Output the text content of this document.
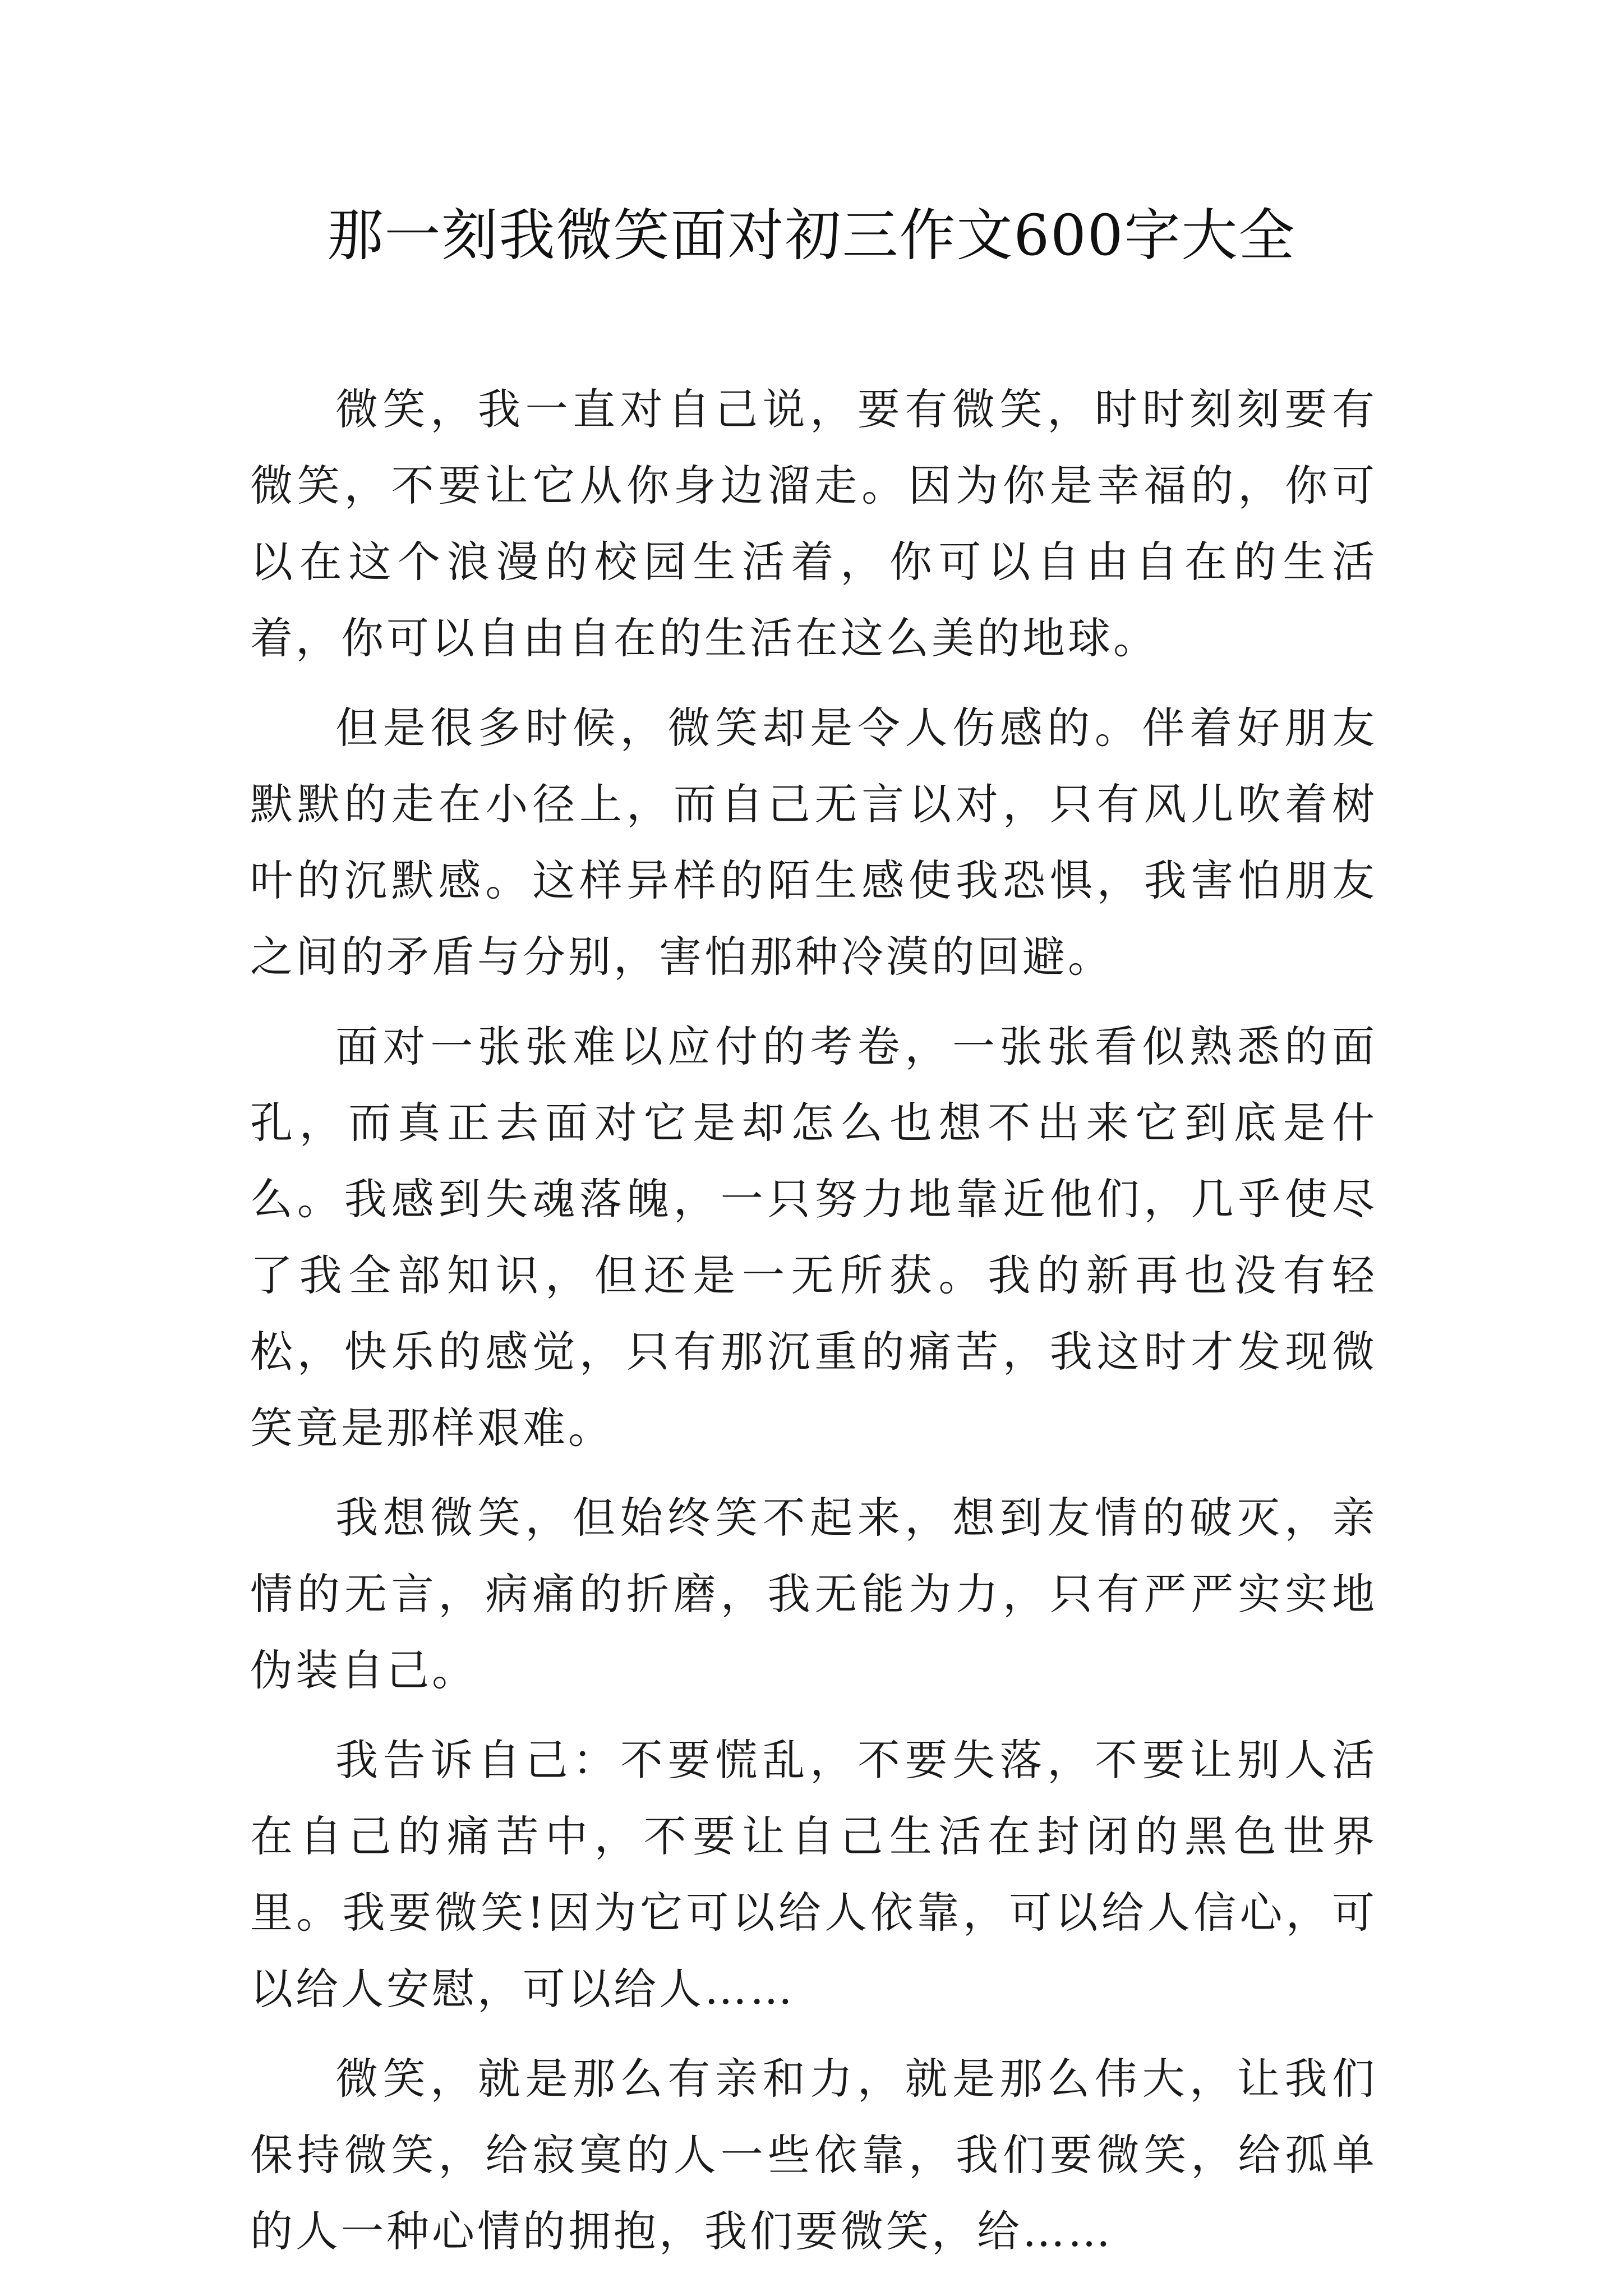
那一刻我微笑面对初三作文600字大全

微笑，我一直对自己说，要有微笑，时时刻刻要有微笑，不要让它从你身边溜走。因为你是幸福的，你可以在这个浪漫的校园生活着，你可以自由自在的生活着，你可以自由自在的生活在这么美的地球。

但是很多时候，微笑却是令人伤感的。伴着好朋友默默的走在小径上，而自己无言以对，只有风儿吹着树叶的沉默感。这样异样的陌生感使我恐惧，我害怕朋友之间的矛盾与分别，害怕那种冷漠的回避。

面对一张张难以应付的考卷，一张张看似熟悉的面孔，而真正去面对它是却怎么也想不出来它到底是什么。我感到失魂落魄，一只努力地靠近他们，几乎使尽了我全部知识，但还是一无所获。我的新再也没有轻松，快乐的感觉，只有那沉重的痛苦，我这时才发现微笑竟是那样艰难。

我想微笑，但始终笑不起来，想到友情的破灭，亲情的无言，病痛的折磨，我无能为力，只有严严实实地伪装自己。

我告诉自己：不要慌乱，不要失落，不要让别人活在自己的痛苦中，不要让自己生活在封闭的黑色世界里。我要微笑!因为它可以给人依靠，可以给人信心，可以给人安慰，可以给人……

微笑，就是那么有亲和力，就是那么伟大，让我们保持微笑，给寂寞的人一些依靠，我们要微笑，给孤单的人一种心情的拥抱，我们要微笑，给……
